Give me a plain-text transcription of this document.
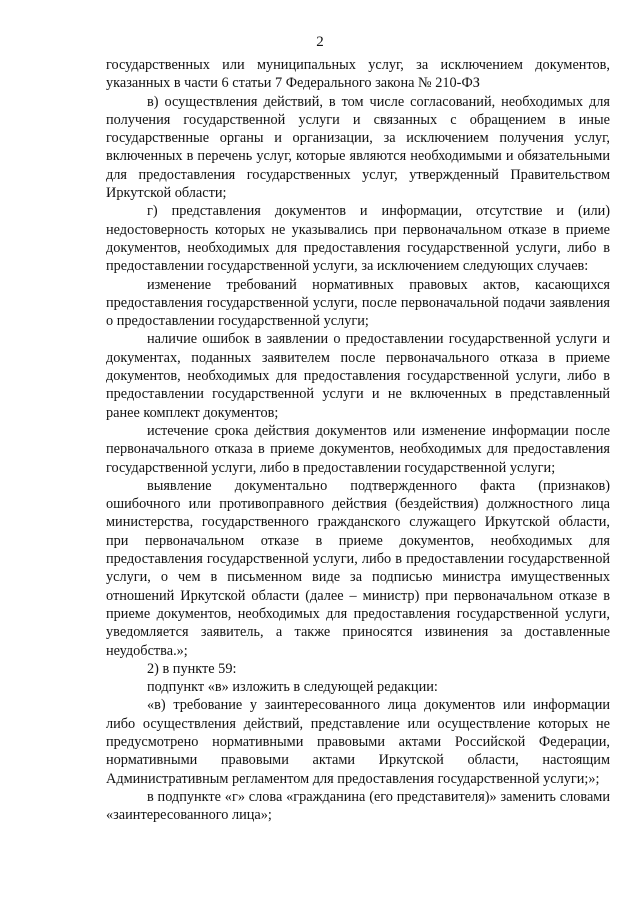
2

государственных или муниципальных услуг, за исключением документов, указанных в части 6 статьи 7 Федерального закона № 210-ФЗ

в) осуществления действий, в том числе согласований, необходимых для получения государственной услуги и связанных с обращением в иные государственные органы и организации, за исключением получения услуг, включенных в перечень услуг, которые являются необходимыми и обязательными для предоставления государственных услуг, утвержденный Правительством Иркутской области;

г) представления документов и информации, отсутствие и (или) недостоверность которых не указывались при первоначальном отказе в приеме документов, необходимых для предоставления государственной услуги, либо в предоставлении государственной услуги, за исключением следующих случаев:

изменение требований нормативных правовых актов, касающихся предоставления государственной услуги, после первоначальной подачи заявления о предоставлении государственной услуги;

наличие ошибок в заявлении о предоставлении государственной услуги и документах, поданных заявителем после первоначального отказа в приеме документов, необходимых для предоставления государственной услуги, либо в предоставлении государственной услуги и не включенных в представленный ранее комплект документов;

истечение срока действия документов или изменение информации после первоначального отказа в приеме документов, необходимых для предоставления государственной услуги, либо в предоставлении государственной услуги;

выявление документально подтвержденного факта (признаков) ошибочного или противоправного действия (бездействия) должностного лица министерства, государственного гражданского служащего Иркутской области, при первоначальном отказе в приеме документов, необходимых для предоставления государственной услуги, либо в предоставлении государственной услуги, о чем в письменном виде за подписью министра имущественных отношений Иркутской области (далее – министр) при первоначальном отказе в приеме документов, необходимых для предоставления государственной услуги, уведомляется заявитель, а также приносятся извинения за доставленные неудобства.»;

2) в пункте 59:

подпункт «в» изложить в следующей редакции:

«в) требование у заинтересованного лица документов или информации либо осуществления действий, представление или осуществление которых не предусмотрено нормативными правовыми актами Российской Федерации, нормативными правовыми актами Иркутской области, настоящим Административным регламентом для предоставления государственной услуги;»;

в подпункте «г» слова «гражданина (его представителя)» заменить словами «заинтересованного лица»;
